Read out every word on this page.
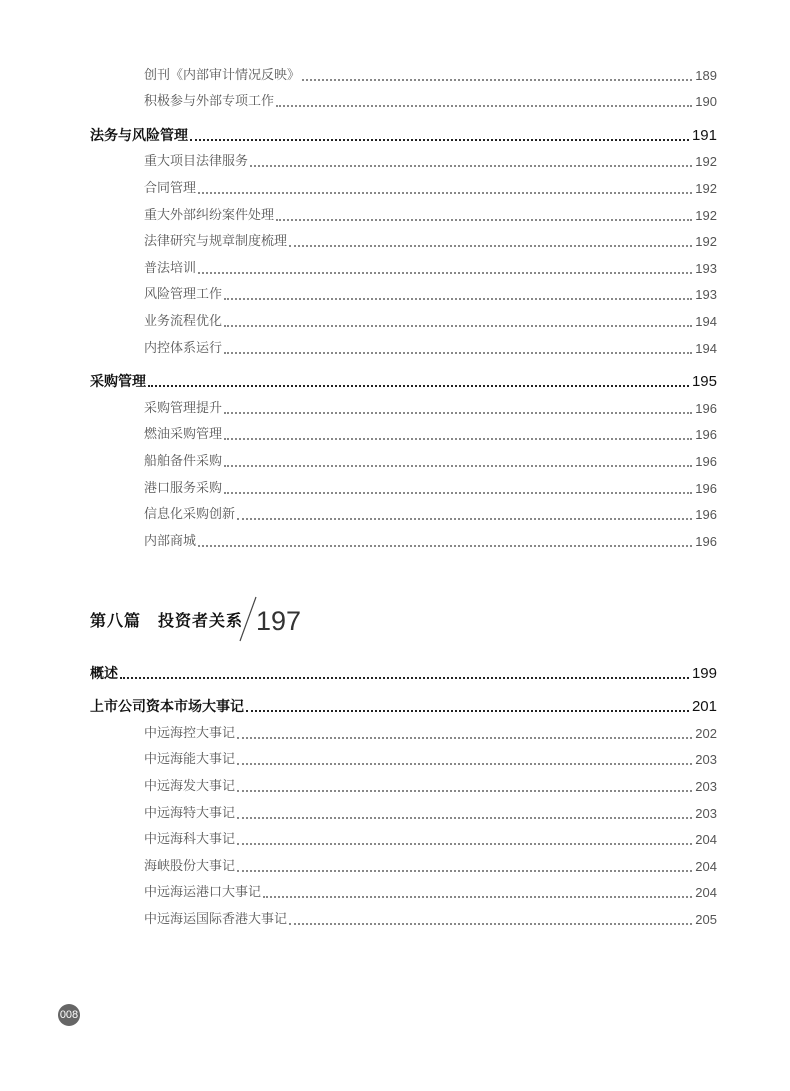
创刊《内部审计情况反映》	189
积极参与外部专项工作	190
法务与风险管理	191
重大项目法律服务	192
合同管理	192
重大外部纠纷案件处理	192
法律研究与规章制度梳理	192
普法培训	193
风险管理工作	193
业务流程优化	194
内控体系运行	194
采购管理	195
采购管理提升	196
燃油采购管理	196
船舶备件采购	196
港口服务采购	196
信息化采购创新	196
内部商城	196
第八篇　投资者关系 197
概述	199
上市公司资本市场大事记	201
中远海控大事记	202
中远海能大事记	203
中远海发大事记	203
中远海特大事记	203
中远海科大事记	204
海峡股份大事记	204
中远海运港口大事记	204
中远海运国际香港大事记	205
008
